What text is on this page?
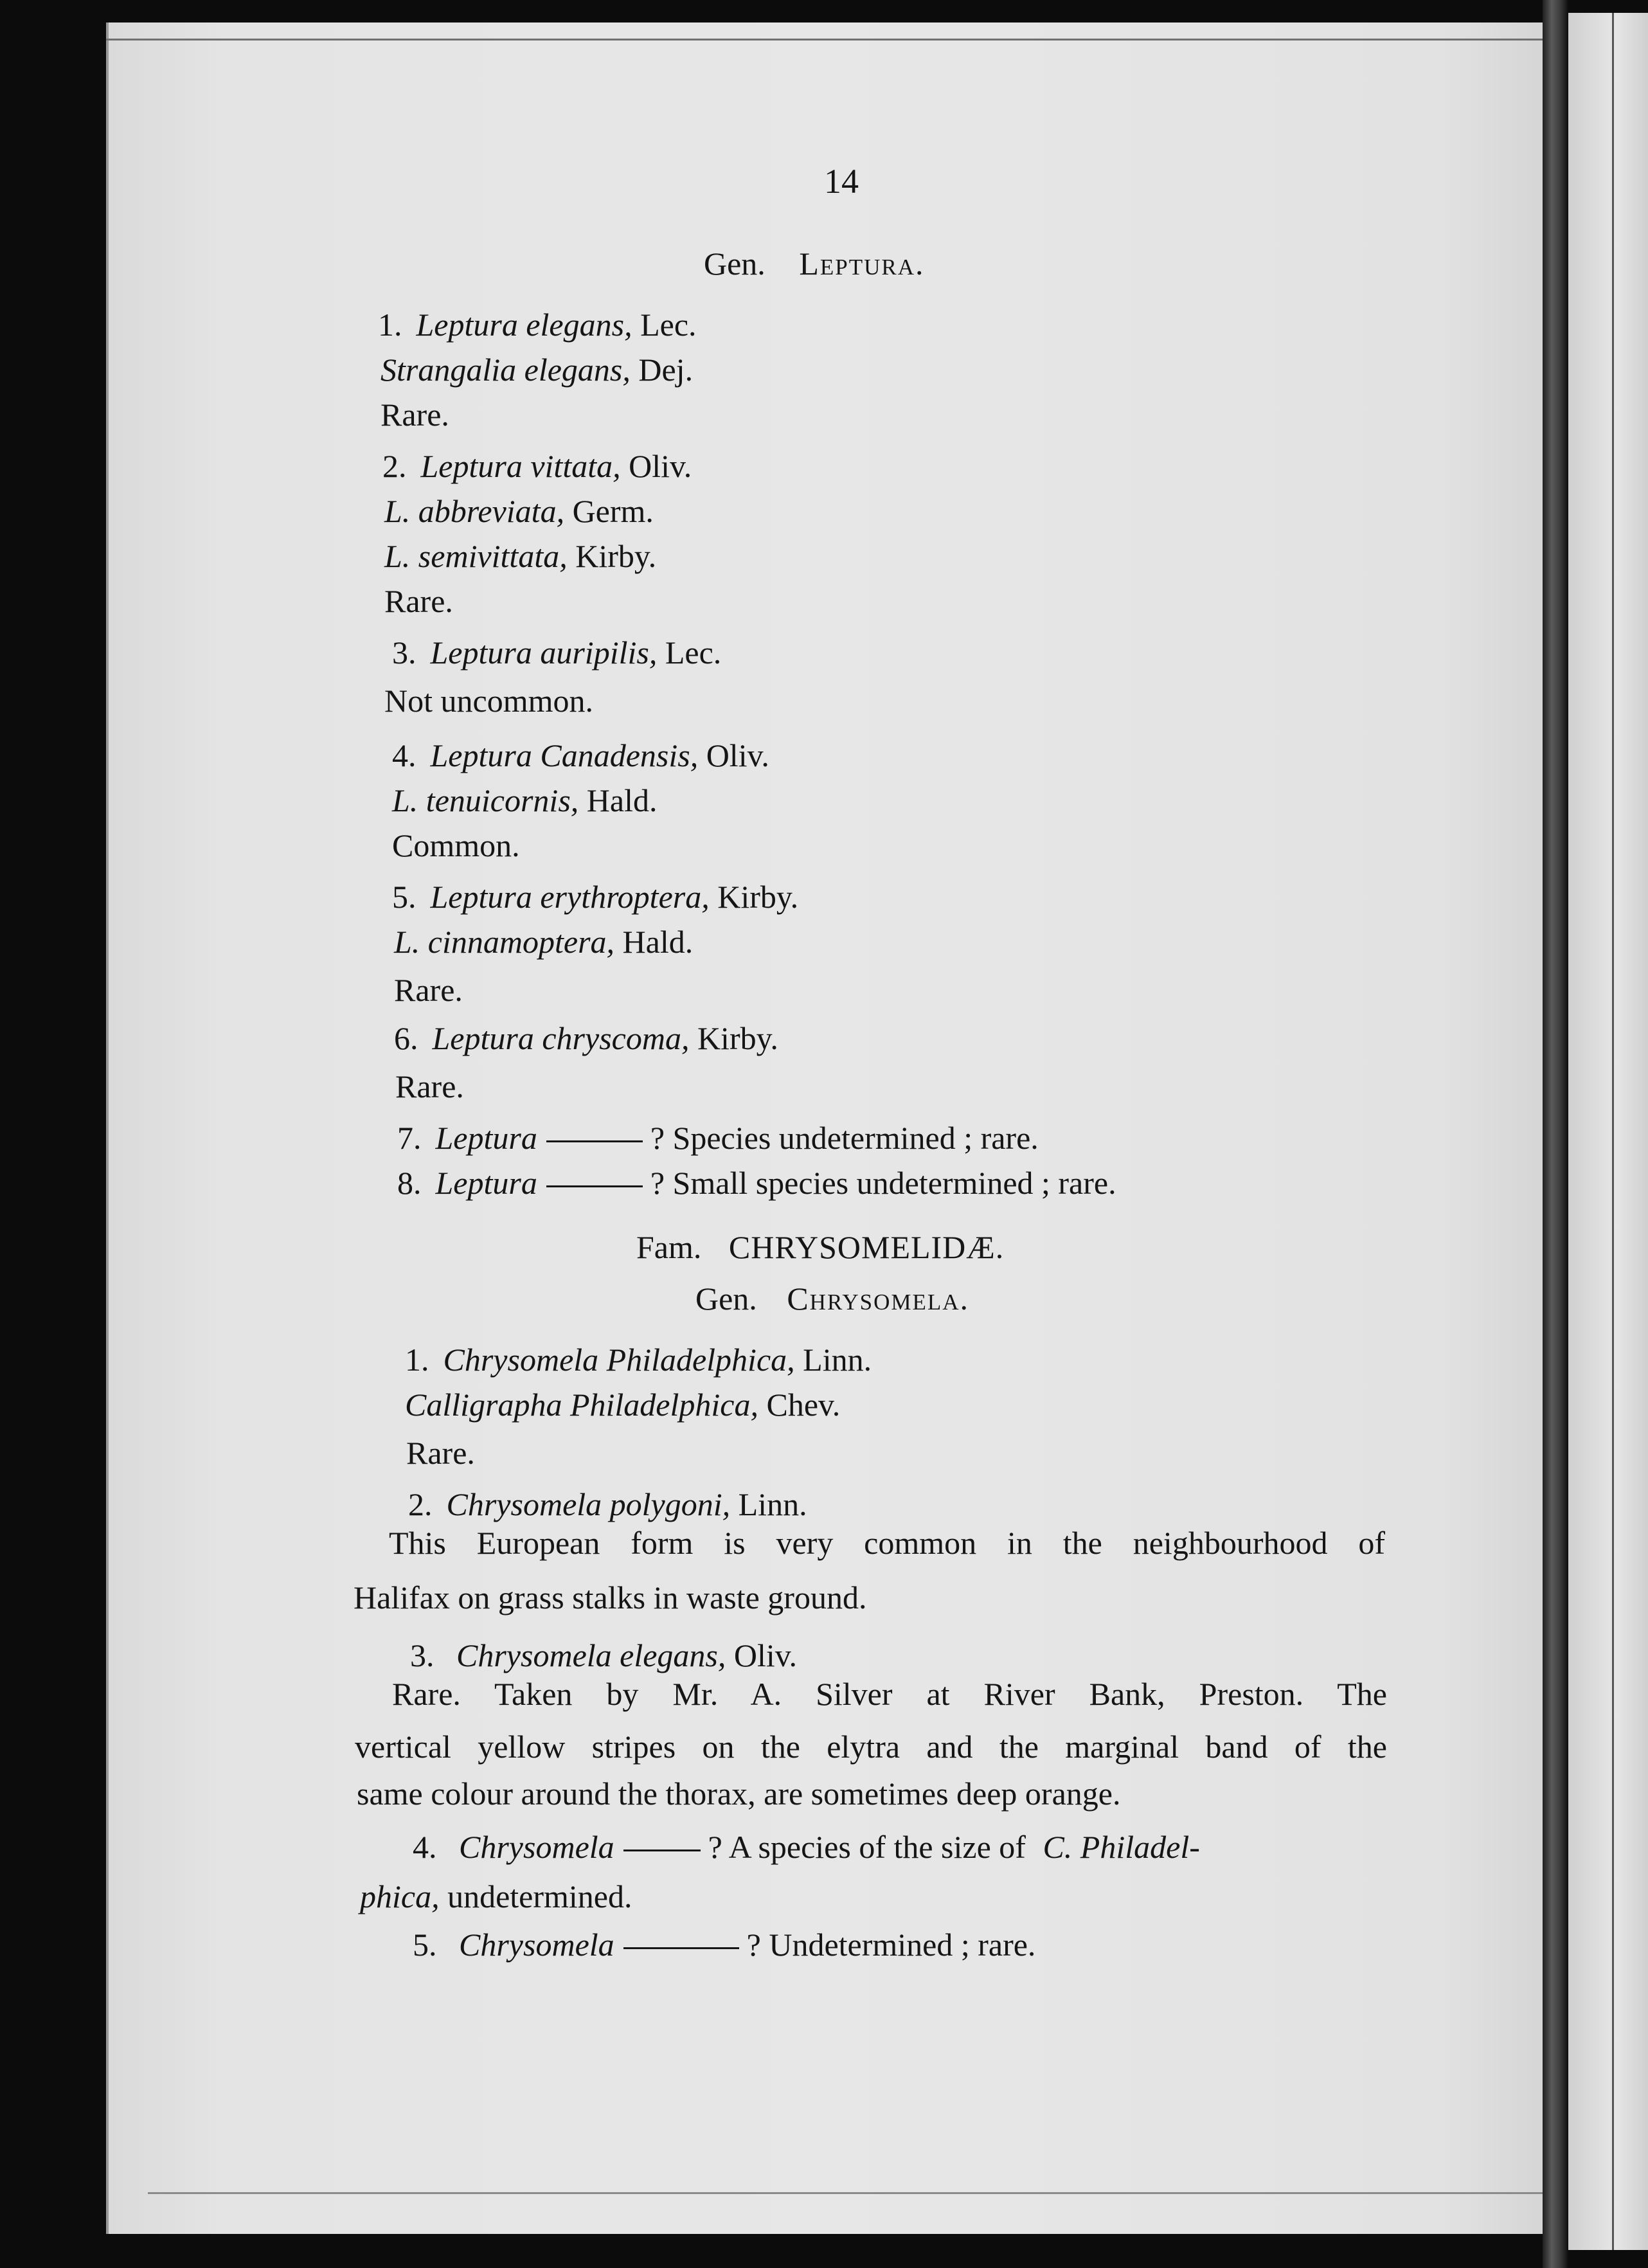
14
Gen. Leptura.
1. Leptura elegans, Lec.
Strangalia elegans, Dej.
Rare.
2. Leptura vittata, Oliv.
L. abbreviata, Germ.
L. semivittata, Kirby.
Rare.
3. Leptura auripilis, Lec.
Not uncommon.
4. Leptura Canadensis, Oliv.
L. tenuicornis, Hald.
Common.
5. Leptura erythroptera, Kirby.
L. cinnamoptera, Hald.
Rare.
6. Leptura chryscoma, Kirby.
Rare.
7. Leptura	? Species undetermined ; rare.
8. Leptura	? Small species undetermined ; rare.
Fam. CHRYSOMELIDÆ.
Gen. Chrysomela.
1. Chrysomela Philadelphica, Linn.
Calligrapha Philadelphica, Chev.
Rare.
2. Chrysomela polygoni, Linn.
This European form is very common in the neighbourhood of
Halifax on grass stalks in waste ground.
3. Chrysomela elegans, Oliv.
Rare. Taken by Mr. A. Silver at River Bank, Preston. The
vertical yellow stripes on the elytra and the marginal band of the
same colour around the thorax, are sometimes deep orange.
4. Chrysomela	? A species of the size of C. Philadel-
phica, undetermined.
5. Chrysomela	? Undetermined ; rare.
